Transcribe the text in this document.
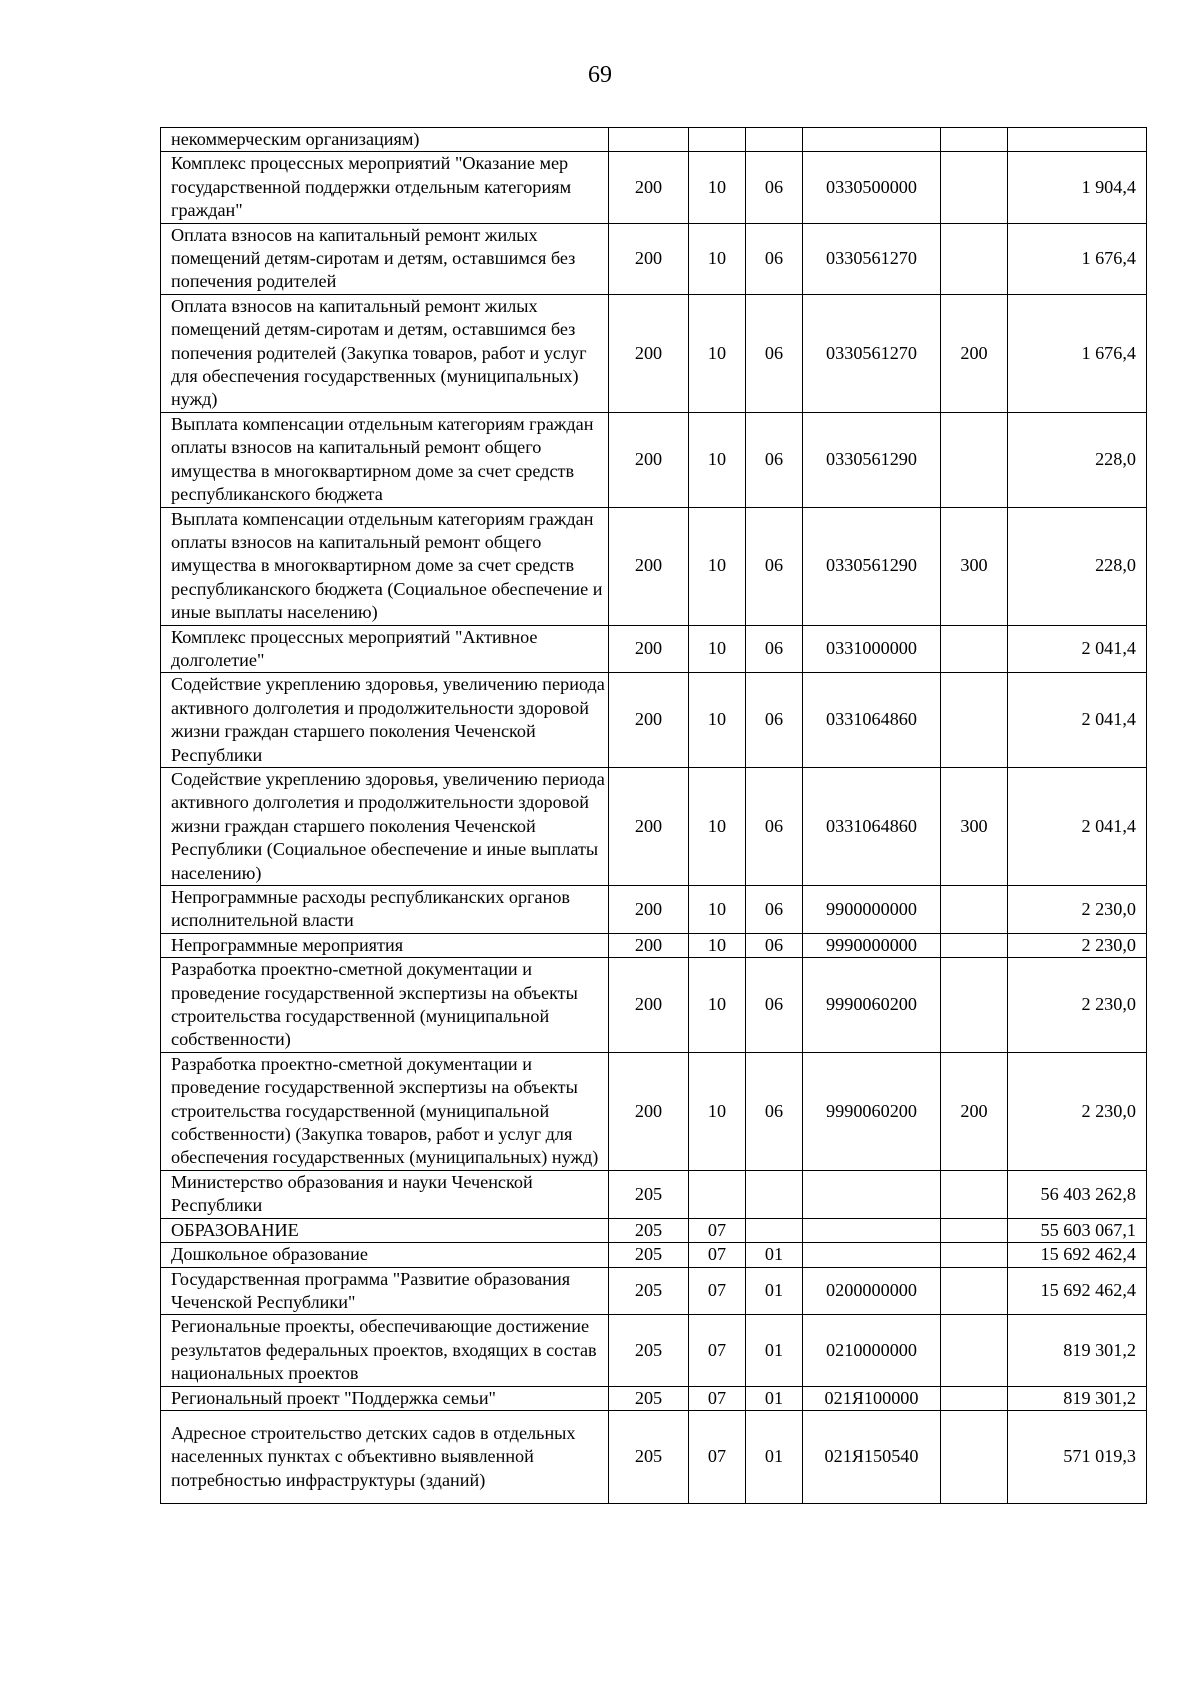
69
некоммерческим организациям)						
Комплекс процессных мероприятий "Оказание мер государственной поддержки отдельным категориям граждан"	200	10	06	0330500000		1 904,4
Оплата взносов на капитальный ремонт жилых помещений детям-сиротам и детям, оставшимся без попечения родителей	200	10	06	0330561270		1 676,4
Оплата взносов на капитальный ремонт жилых помещений детям-сиротам и детям, оставшимся без попечения родителей (Закупка товаров, работ и услуг для обеспечения государственных (муниципальных) нужд)	200	10	06	0330561270	200	1 676,4
Выплата компенсации отдельным категориям граждан оплаты взносов на капитальный ремонт общего имущества в многоквартирном доме за счет средств республиканского бюджета	200	10	06	0330561290		228,0
Выплата компенсации отдельным категориям граждан оплаты взносов на капитальный ремонт общего имущества в многоквартирном доме за счет средств республиканского бюджета (Социальное обеспечение и иные выплаты населению)	200	10	06	0330561290	300	228,0
Комплекс процессных мероприятий "Активное долголетие"	200	10	06	0331000000		2 041,4
Содействие укреплению здоровья, увеличению периода активного долголетия и продолжительности здоровой жизни граждан старшего поколения Чеченской Республики	200	10	06	0331064860		2 041,4
Содействие укреплению здоровья, увеличению периода активного долголетия и продолжительности здоровой жизни граждан старшего поколения Чеченской Республики (Социальное обеспечение и иные выплаты населению)	200	10	06	0331064860	300	2 041,4
Непрограммные расходы республиканских органов исполнительной власти	200	10	06	9900000000		2 230,0
Непрограммные мероприятия	200	10	06	9990000000		2 230,0
Разработка проектно-сметной документации и проведение государственной экспертизы на объекты строительства государственной (муниципальной собственности)	200	10	06	9990060200		2 230,0
Разработка проектно-сметной документации и проведение государственной экспертизы на объекты строительства государственной (муниципальной собственности) (Закупка товаров, работ и услуг для обеспечения государственных (муниципальных) нужд)	200	10	06	9990060200	200	2 230,0
Министерство образования и науки Чеченской Республики	205					56 403 262,8
ОБРАЗОВАНИЕ	205	07				55 603 067,1
Дошкольное образование	205	07	01			15 692 462,4
Государственная программа "Развитие образования Чеченской Республики"	205	07	01	0200000000		15 692 462,4
Региональные проекты, обеспечивающие достижение результатов федеральных проектов, входящих в состав национальных проектов	205	07	01	0210000000		819 301,2
Региональный проект "Поддержка семьи"	205	07	01	021Я100000		819 301,2
Адресное строительство детских садов в отдельных населенных пунктах с объективно выявленной потребностью инфраструктуры (зданий)	205	07	01	021Я150540		571 019,3
